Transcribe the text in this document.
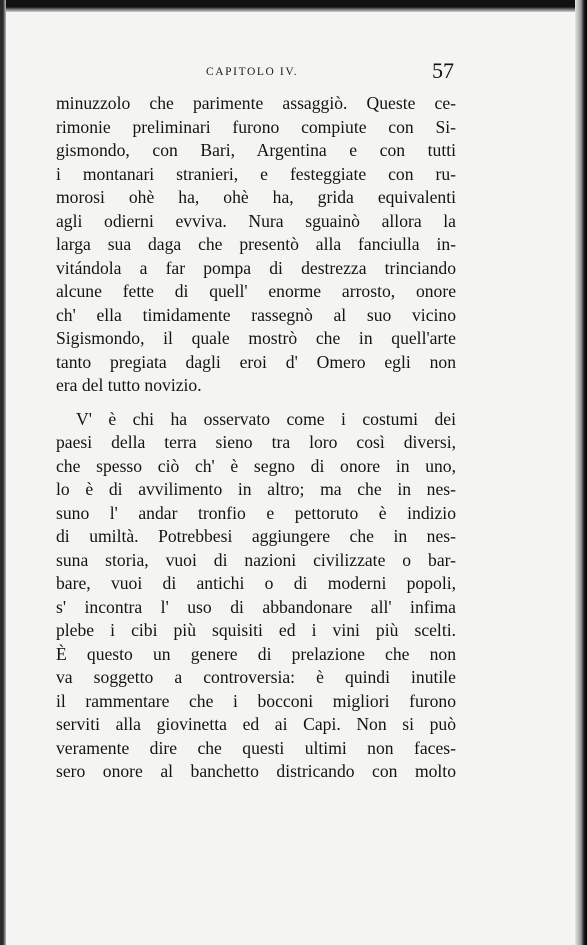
CAPITOLO IV.	57
minuzzolo che parimente assaggiò. Queste ce-
rimonie preliminari furono compiute con Si-
gismondo, con Bari, Argentina e con tutti
i montanari stranieri, e festeggiate con ru-
morosi ohè ha, ohè ha, grida equivalenti
agli odierni evviva. Nura sguainò allora la
larga sua daga che presentò alla fanciulla in-
vitándola a far pompa di destrezza trinciando
alcune fette di quell' enorme arrosto, onore
ch' ella timidamente rassegnò al suo vicino
Sigismondo, il quale mostrò che in quell'arte
tanto pregiata dagli eroi d' Omero egli non
era del tutto novizio.
V' è chi ha osservato come i costumi dei
paesi della terra sieno tra loro così diversi,
che spesso ciò ch' è segno di onore in uno,
lo è di avvilimento in altro; ma che in nes-
suno l' andar tronfio e pettoruto è indizio
di umiltà. Potrebbesi aggiungere che in nes-
suna storia, vuoi di nazioni civilizzate o bar-
bare, vuoi di antichi o di moderni popoli,
s' incontra l' uso di abbandonare all' infima
plebe i cibi più squisiti ed i vini più scelti.
È questo un genere di prelazione che non
va soggetto a controversia: è quindi inutile
il rammentare che i bocconi migliori furono
serviti alla giovinetta ed ai Capi. Non si può
veramente dire che questi ultimi non faces-
sero onore al banchetto districando con molto
